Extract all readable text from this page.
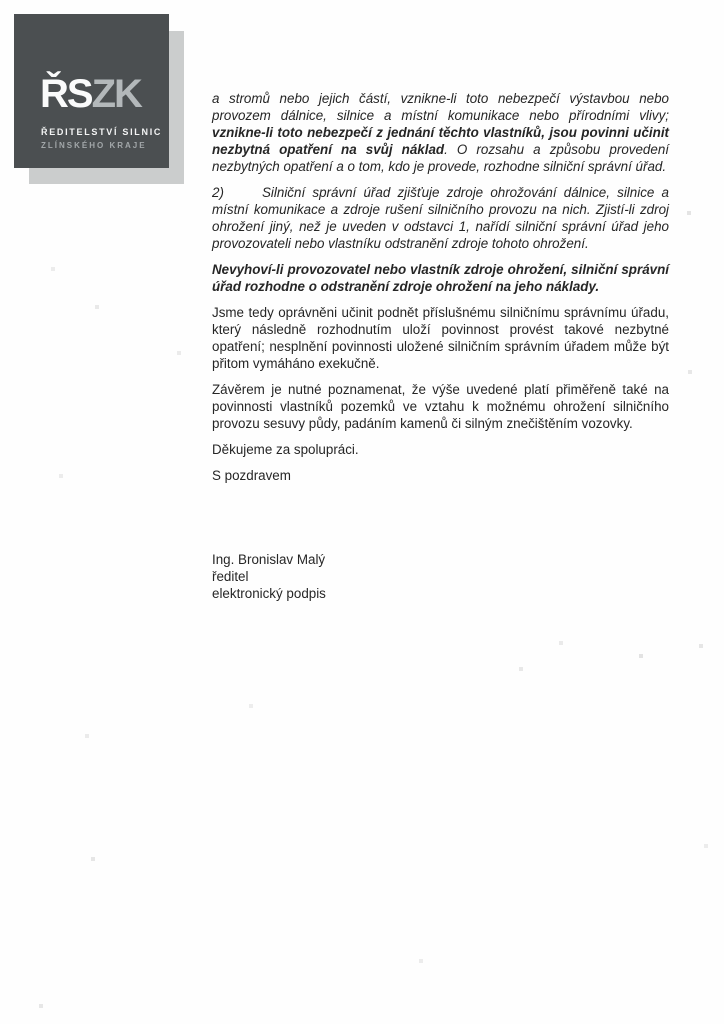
ŘSZK
ŘEDITELSTVÍ SILNIC
ZLÍNSKÉHO KRAJE

a stromů nebo jejich částí, vznikne-li toto nebezpečí výstavbou nebo provozem dálnice, silnice a místní komunikace nebo přírodními vlivy; vznikne-li toto nebezpečí z jednání těchto vlastníků, jsou povinni učinit nezbytná opatření na svůj náklad. O rozsahu a způsobu provedení nezbytných opatření a o tom, kdo je provede, rozhodne silniční správní úřad.

2)	Silniční správní úřad zjišťuje zdroje ohrožování dálnice, silnice a místní komunikace a zdroje rušení silničního provozu na nich. Zjistí-li zdroj ohrožení jiný, než je uveden v odstavci 1, nařídí silniční správní úřad jeho provozovateli nebo vlastníku odstranění zdroje tohoto ohrožení.

Nevyhoví-li provozovatel nebo vlastník zdroje ohrožení, silniční správní úřad rozhodne o odstranění zdroje ohrožení na jeho náklady.

Jsme tedy oprávněni učinit podnět příslušnému silničnímu správnímu úřadu, který následně rozhodnutím uloží povinnost provést takové nezbytné opatření; nesplnění povinnosti uložené silničním správním úřadem může být přitom vymáháno exekučně.

Závěrem je nutné poznamenat, že výše uvedené platí přiměřeně také na povinnosti vlastníků pozemků ve vztahu k možnému ohrožení silničního provozu sesuvy půdy, padáním kamenů či silným znečištěním vozovky.

Děkujeme za spolupráci.

S pozdravem

Ing. Bronislav Malý
ředitel
elektronický podpis
